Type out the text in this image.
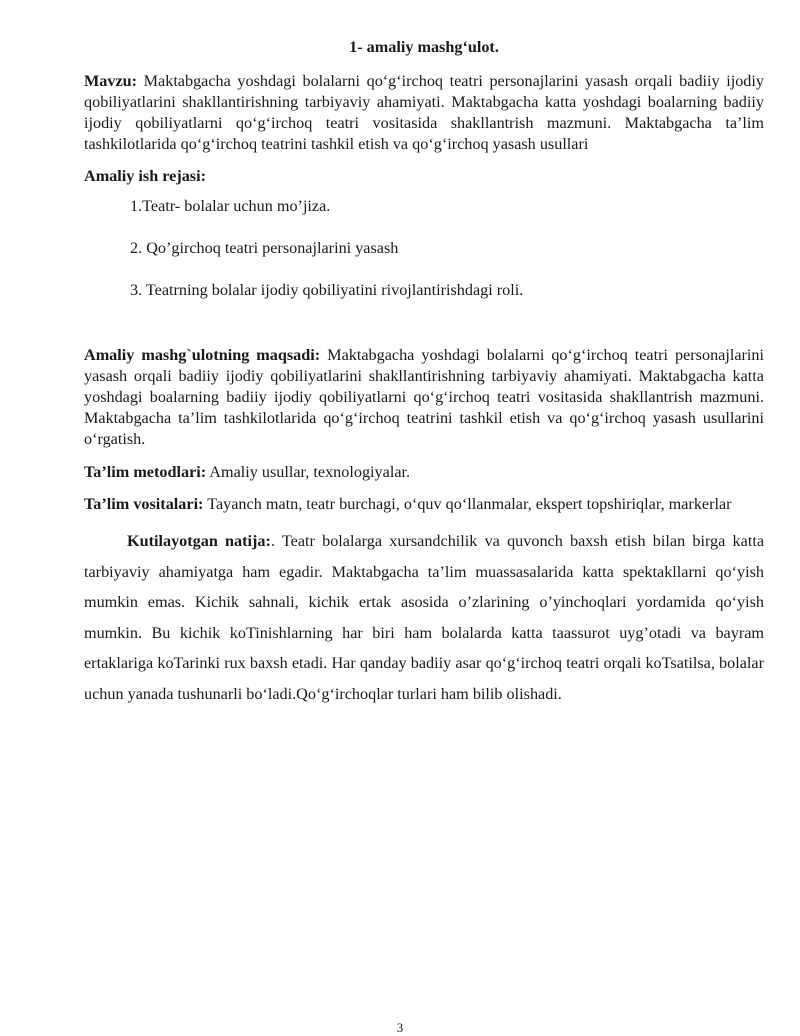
1- amaliy mashg‘ulot.

Mavzu: Maktabgacha yoshdagi bolalarni qo‘g‘irchoq teatri personajlarini yasash orqali badiiy ijodiy qobiliyatlarini shakllantirishning tarbiyaviy ahamiyati. Maktabgacha katta yoshdagi boalarning badiiy ijodiy qobiliyatlarni qo‘g‘irchoq teatri vositasida shakllantrish mazmuni. Maktabgacha ta’lim tashkilotlarida qo‘g‘irchoq teatrini tashkil etish va qo‘g‘irchoq yasash usullari

Amaliy ish rejasi:

1.Teatr- bolalar uchun mo’jiza.
2. Qo’girchoq teatri personajlarini yasash
3. Teatrning bolalar ijodiy qobiliyatini rivojlantirishdagi roli.

Amaliy mashg`ulotning maqsadi: Maktabgacha yoshdagi bolalarni qo‘g‘irchoq teatri personajlarini yasash orqali badiiy ijodiy qobiliyatlarini shakllantirishning tarbiyaviy ahamiyati. Maktabgacha katta yoshdagi boalarning badiiy ijodiy qobiliyatlarni qo‘g‘irchoq teatri vositasida shakllantrish mazmuni. Maktabgacha ta’lim tashkilotlarida qo‘g‘irchoq teatrini tashkil etish va qo‘g‘irchoq yasash usullarini o‘rgatish.

Ta’lim metodlari: Amaliy usullar, texnologiyalar.

Ta’lim vositalari: Tayanch matn, teatr burchagi, o‘quv qo‘llanmalar, ekspert topshiriqlar, markerlar

Kutilayotgan natija:. Teatr bolalarga xursandchilik va quvonch baxsh etish bilan birga katta tarbiyaviy ahamiyatga ham egadir. Maktabgacha ta’lim muassasalarida katta spektakllarni qo‘yish mumkin emas. Kichik sahnali, kichik ertak asosida o’zlarining o’yinchoqlari yordamida qo‘yish mumkin. Bu kichik koTinishlarning har biri ham bolalarda katta taassurot uyg’otadi va bayram ertaklariga koTarinki rux baxsh etadi. Har qanday badiiy asar qo‘g‘irchoq teatri orqali koTsatilsa, bolalar uchun yanada tushunarli bo‘ladi.Qo‘g‘irchoqlar turlari ham bilib olishadi.

3
